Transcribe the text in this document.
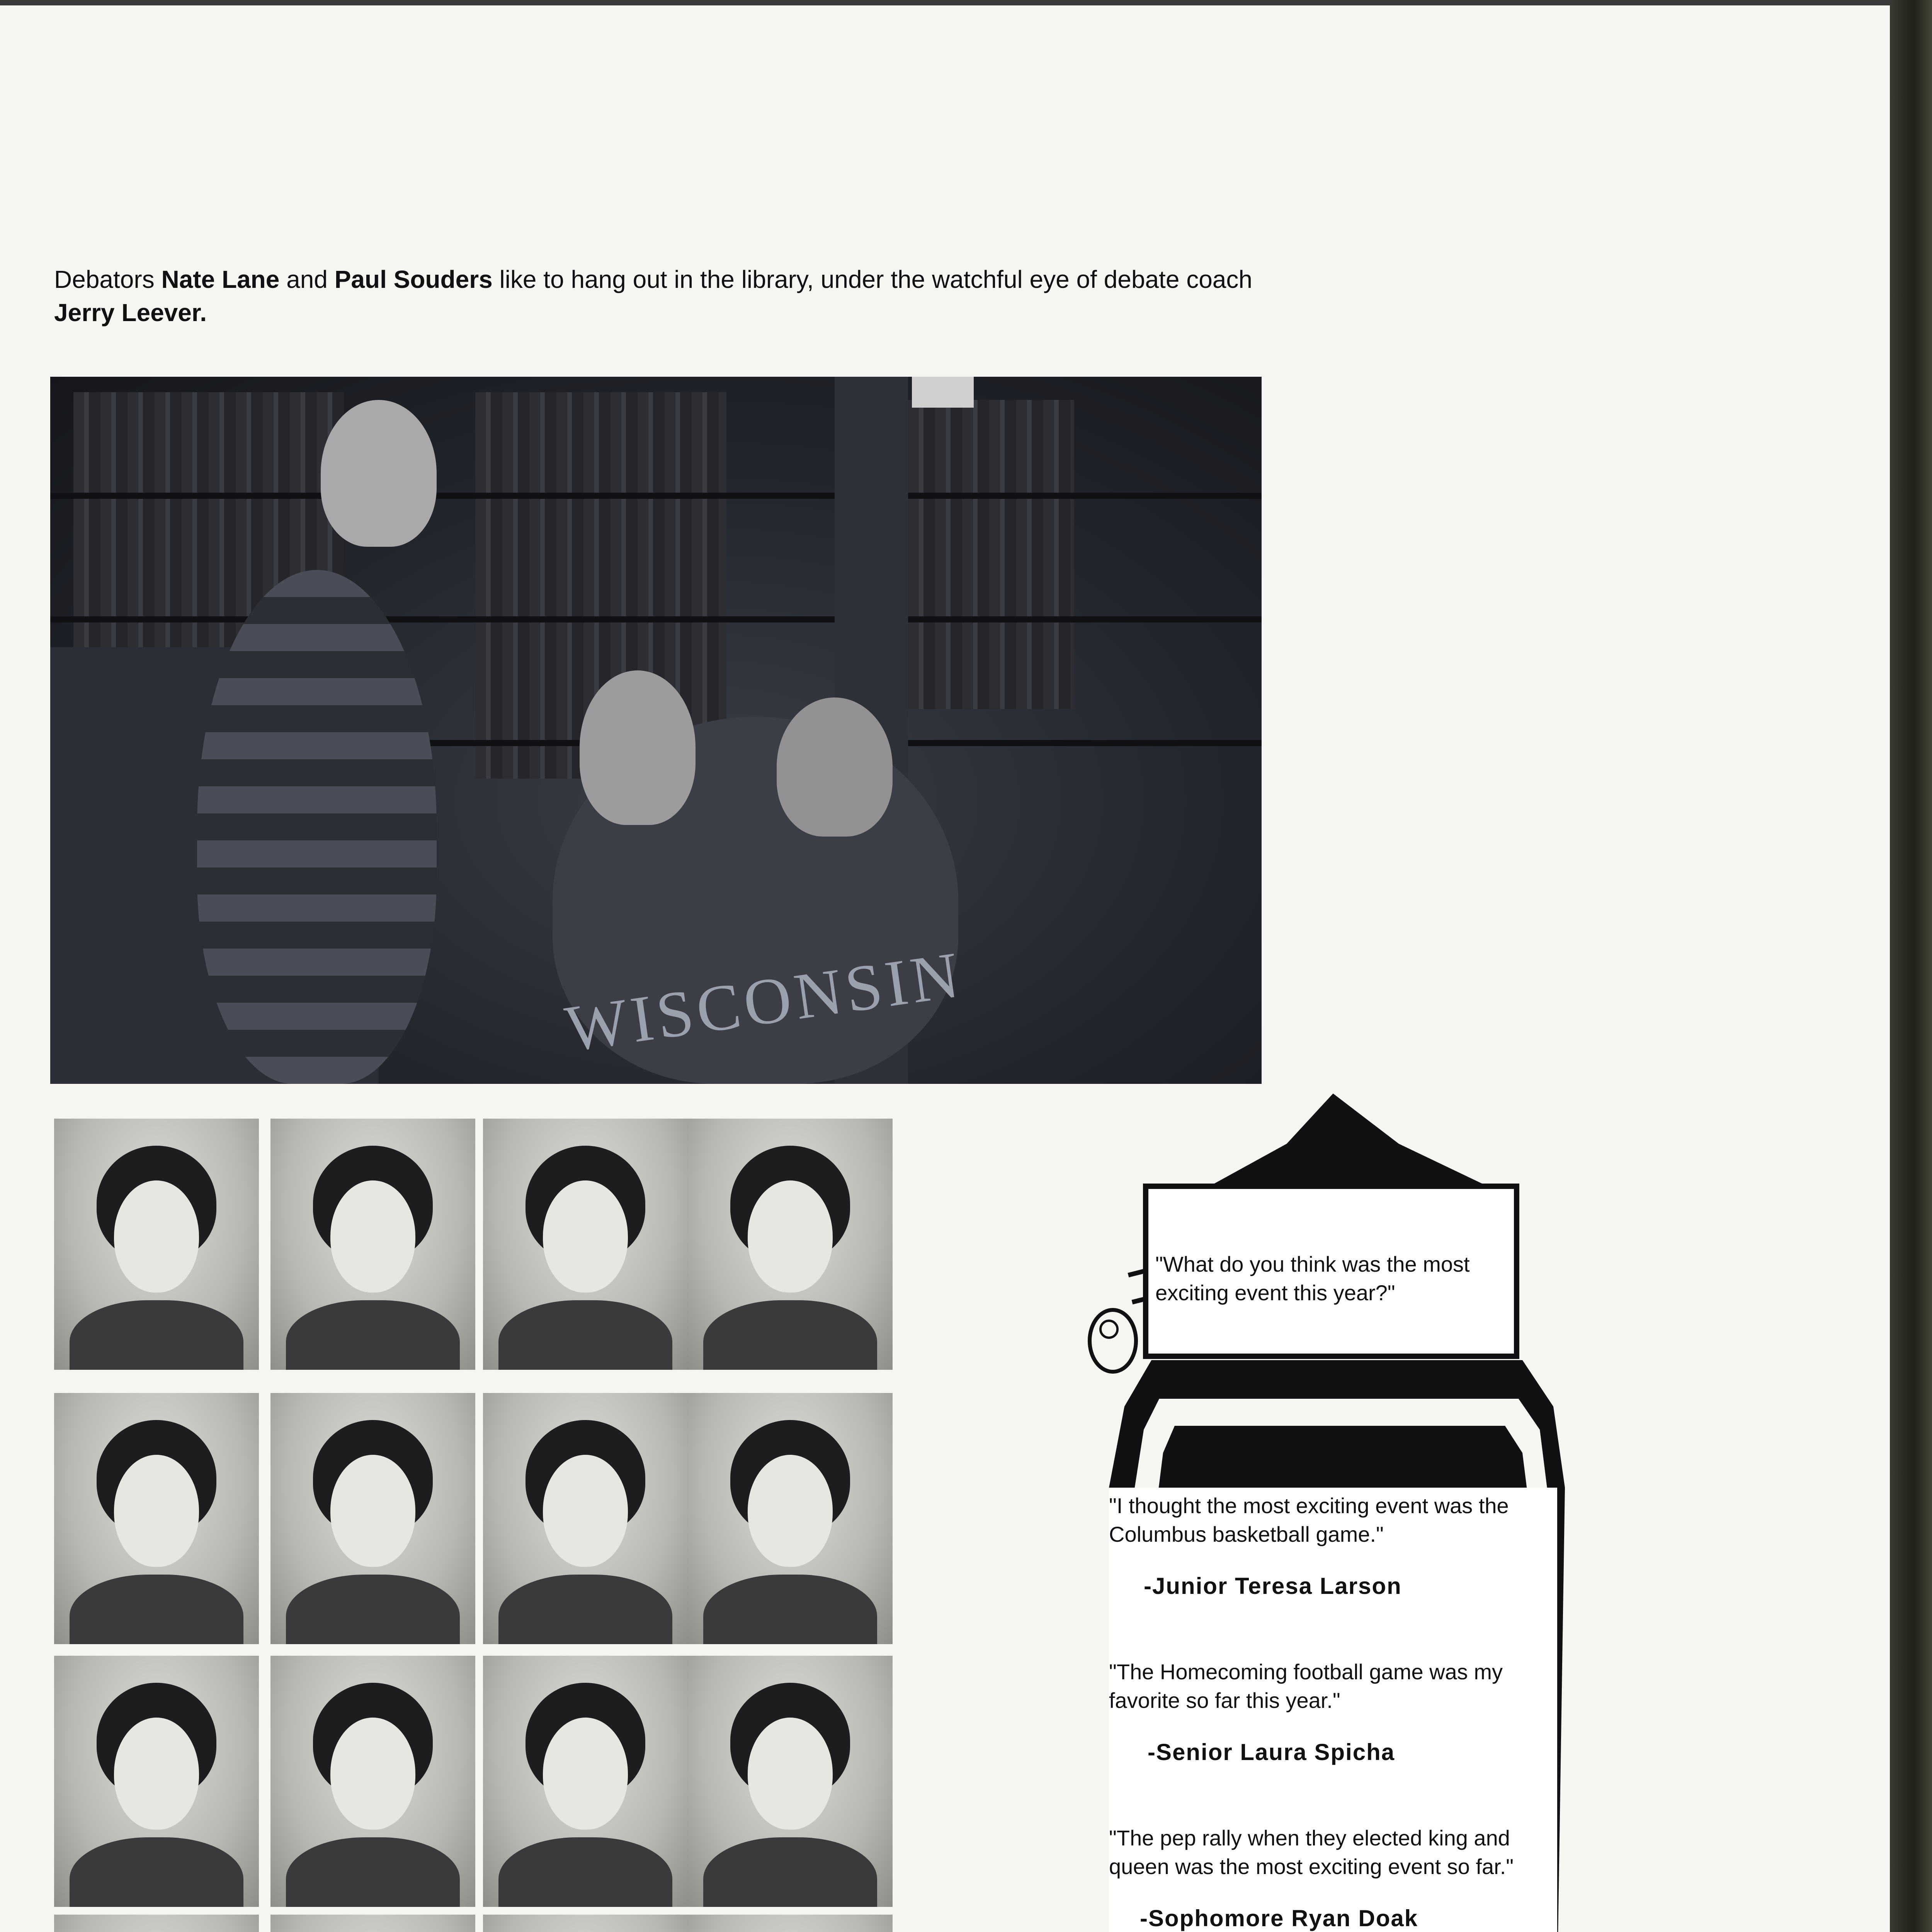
Debators Nate Lane and Paul Souders like to hang out in the library, under the watchful eye of debate coach Jerry Leever.
WISCONSIN
"What do you think was the most exciting event this year?"
"I thought the most exciting event was the Columbus basketball game."
-Junior Teresa Larson
"The Homecoming football game was my favorite so far this year."
-Senior Laura Spicha
"The pep rally when they elected king and queen was the most exciting event so far."
-Sophomore Ryan Doak
